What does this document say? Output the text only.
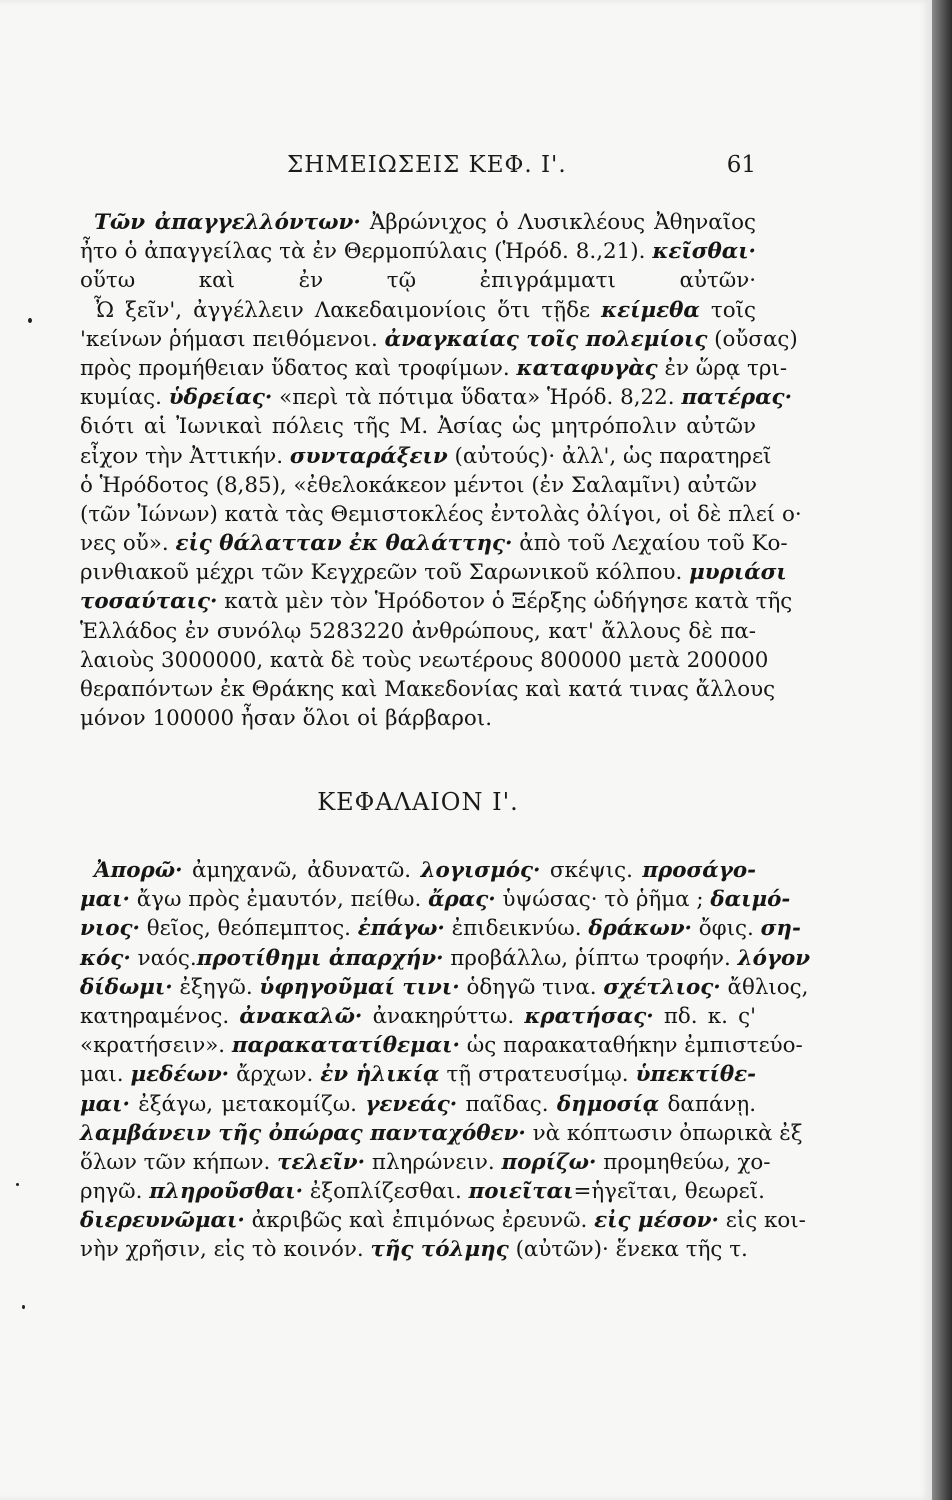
ΣΗΜΕΙΩΣΕΙΣ ΚΕΦ. Ι'.	61
Τῶν ἀπαγγελλόντων· Ἀβρώνιχος ὁ Λυσικλέους Ἀθηναῖος
ἦτο ὁ ἀπαγγείλας τὰ ἐν Θερμοπύλαις (Ἡρόδ. 8.,21). κεῖσθαι·
οὕτω καὶ ἐν τῷ ἐπιγράμματι αὐτῶν·
Ὦ ξεῖν', ἀγγέλλειν Λακεδαιμονίοις ὅτι τῇδε κείμεθα τοῖς
'κείνων ῥήμασι πειθόμενοι. ἀναγκαίας τοῖς πολεμίοις (οὔσας)
πρὸς προμήθειαν ὕδατος καὶ τροφίμων. καταφυγὰς ἐν ὥρᾳ τρι-
κυμίας. ὑδρείας· «περὶ τὰ πότιμα ὕδατα» Ἡρόδ. 8,22. πατέρας·
διότι αἱ Ἰωνικαὶ πόλεις τῆς Μ. Ἀσίας ὡς μητρόπολιν αὐτῶν
εἶχον τὴν Ἀττικήν. συνταράξειν (αὐτούς)· ἀλλ', ὡς παρατηρεῖ
ὁ Ἡρόδοτος (8,85), «ἐθελοκάκεον μέντοι (ἐν Σαλαμῖνι) αὐτῶν
(τῶν Ἰώνων) κατὰ τὰς Θεμιστοκλέος ἐντολὰς ὀλίγοι, οἱ δὲ πλεί ο·
νες οὔ». εἰς θάλατταν ἐκ θαλάττης· ἀπὸ τοῦ Λεχαίου τοῦ Κο-
ρινθιακοῦ μέχρι τῶν Κεγχρεῶν τοῦ Σαρωνικοῦ κόλπου. μυριάσι
τοσαύταις· κατὰ μὲν τὸν Ἡρόδοτον ὁ Ξέρξης ὡδήγησε κατὰ τῆς
Ἑλλάδος ἐν συνόλῳ 5283220 ἀνθρώπους, κατ' ἄλλους δὲ πα-
λαιοὺς 3000000, κατὰ δὲ τοὺς νεωτέρους 800000 μετὰ 200000
θεραπόντων ἐκ Θράκης καὶ Μακεδονίας καὶ κατά τινας ἄλλους
μόνον 100000 ἦσαν ὅλοι οἱ βάρβαροι.
ΚΕΦΑΛΑΙΟΝ Ι'.
Ἀπορῶ· ἀμηχανῶ, ἀδυνατῶ. λογισμός· σκέψις. προσάγο-
μαι· ἄγω πρὸς ἐμαυτόν, πείθω. ἄρας· ὑψώσας· τὸ ῥῆμα ; δαιμό-
νιος· θεῖος, θεόπεμπτος. ἐπάγω· ἐπιδεικνύω. δράκων· ὄφις. ση-
κός· ναός.προτίθημι ἀπαρχήν· προβάλλω, ῥίπτω τροφήν. λόγον
δίδωμι· ἐξηγῶ. ὑφηγοῦμαί τινι· ὁδηγῶ τινα. σχέτλιος· ἄθλιος,
κατηραμένος. ἀνακαλῶ· ἀνακηρύττω. κρατήσας· πδ. κ. ς'
«κρατήσειν». παρακατατίθεμαι· ὡς παρακαταθήκην ἐμπιστεύο-
μαι. μεδέων· ἄρχων. ἐν ἡλικίᾳ τῇ στρατευσίμῳ. ὑπεκτίθε-
μαι· ἐξάγω, μετακομίζω. γενεάς· παῖδας. δημοσίᾳ δαπάνῃ.
λαμβάνειν τῆς ὀπώρας πανταχόθεν· νὰ κόπτωσιν ὀπωρικὰ ἐξ
ὅλων τῶν κήπων. τελεῖν· πληρώνειν. πορίζω· προμηθεύω, χο-
ρηγῶ. πληροῦσθαι· ἐξοπλίζεσθαι. ποιεῖται=ἡγεῖται, θεωρεῖ.
διερευνῶμαι· ἀκριβῶς καὶ ἐπιμόνως ἐρευνῶ. εἰς μέσον· εἰς κοι-
νὴν χρῆσιν, εἰς τὸ κοινόν. τῆς τόλμης (αὐτῶν)· ἕνεκα τῆς τ.
